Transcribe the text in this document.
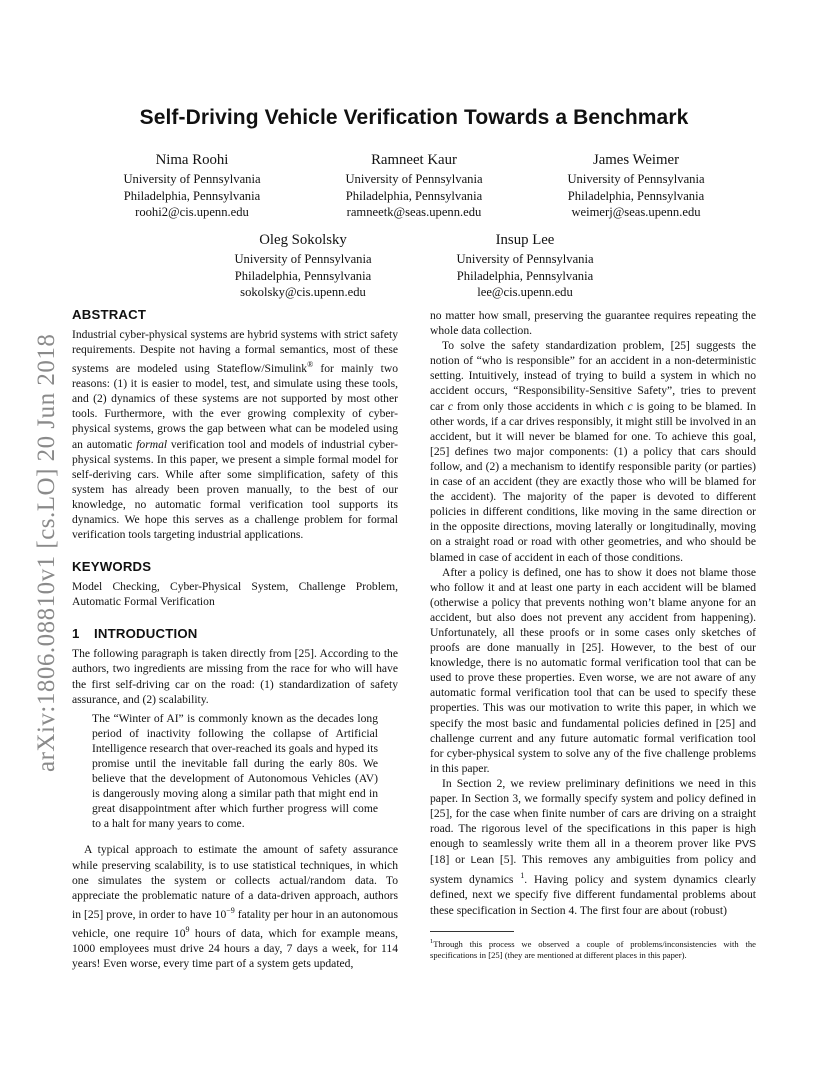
arXiv:1806.08810v1 [cs.LO] 20 Jun 2018
Self-Driving Vehicle Verification Towards a Benchmark
Nima Roohi
University of Pennsylvania
Philadelphia, Pennsylvania
roohi2@cis.upenn.edu
Ramneet Kaur
University of Pennsylvania
Philadelphia, Pennsylvania
ramneetk@seas.upenn.edu
James Weimer
University of Pennsylvania
Philadelphia, Pennsylvania
weimerj@seas.upenn.edu
Oleg Sokolsky
University of Pennsylvania
Philadelphia, Pennsylvania
sokolsky@cis.upenn.edu
Insup Lee
University of Pennsylvania
Philadelphia, Pennsylvania
lee@cis.upenn.edu
ABSTRACT

Industrial cyber-physical systems are hybrid systems with strict safety requirements. Despite not having a formal semantics, most of these systems are modeled using Stateflow/Simulink® for mainly two reasons: (1) it is easier to model, test, and simulate using these tools, and (2) dynamics of these systems are not supported by most other tools. Furthermore, with the ever growing complexity of cyber-physical systems, grows the gap between what can be modeled using an automatic formal verification tool and models of industrial cyber-physical systems. In this paper, we present a simple formal model for self-deriving cars. While after some simplification, safety of this system has already been proven manually, to the best of our knowledge, no automatic formal verification tool supports its dynamics. We hope this serves as a challenge problem for formal verification tools targeting industrial applications.

KEYWORDS

Model Checking, Cyber-Physical System, Challenge Problem, Automatic Formal Verification

1 INTRODUCTION

The following paragraph is taken directly from [25]. According to the authors, two ingredients are missing from the race for who will have the first self-driving car on the road: (1) standardization of safety assurance, and (2) scalability.

The “Winter of AI” is commonly known as the decades long period of inactivity following the collapse of Artificial Intelligence research that over-reached its goals and hyped its promise until the inevitable fall during the early 80s. We believe that the development of Autonomous Vehicles (AV) is dangerously moving along a similar path that might end in great disappointment after which further progress will come to a halt for many years to come.

A typical approach to estimate the amount of safety assurance while preserving scalability, is to use statistical techniques, in which one simulates the system or collects actual/random data. To appreciate the problematic nature of a data-driven approach, authors in [25] prove, in order to have $10^{-9}$ fatality per hour in an autonomous vehicle, one require $10^9$ hours of data, which for example means, 1000 employees must drive 24 hours a day, 7 days a week, for 114 years! Even worse, every time part of a system gets updated,

no matter how small, preserving the guarantee requires repeating the whole data collection.

To solve the safety standardization problem, [25] suggests the notion of “who is responsible” for an accident in a non-deterministic setting. Intuitively, instead of trying to build a system in which no accident occurs, “Responsibility-Sensitive Safety”, tries to prevent car c from only those accidents in which c is going to be blamed. In other words, if a car drives responsibly, it might still be involved in an accident, but it will never be blamed for one. To achieve this goal, [25] defines two major components: (1) a policy that cars should follow, and (2) a mechanism to identify responsible parity (or parties) in case of an accident (they are exactly those who will be blamed for the accident). The majority of the paper is devoted to different policies in different conditions, like moving in the same direction or in the opposite directions, moving laterally or longitudinally, moving on a straight road or road with other geometries, and who should be blamed in case of accident in each of those conditions.

After a policy is defined, one has to show it does not blame those who follow it and at least one party in each accident will be blamed (otherwise a policy that prevents nothing won’t blame anyone for an accident, but also does not prevent any accident from happening). Unfortunately, all these proofs or in some cases only sketches of proofs are done manually in [25]. However, to the best of our knowledge, there is no automatic formal verification tool that can be used to prove these properties. Even worse, we are not aware of any automatic formal verification tool that can be used to specify these properties. This was our motivation to write this paper, in which we specify the most basic and fundamental policies defined in [25] and challenge current and any future automatic formal verification tool for cyber-physical system to solve any of the five challenge problems in this paper.

In Section 2, we review preliminary definitions we need in this paper. In Section 3, we formally specify system and policy defined in [25], for the case when finite number of cars are driving on a straight road. The rigorous level of the specifications in this paper is high enough to seamlessly write them all in a theorem prover like PVS [18] or Lean [5]. This removes any ambiguities from policy and system dynamics $^1$. Having policy and system dynamics clearly defined, next we specify five different fundamental problems about these specification in Section 4. The first four are about (robust)

$^1$Through this process we observed a couple of problems/inconsistencies with the specifications in [25] (they are mentioned at different places in this paper).
